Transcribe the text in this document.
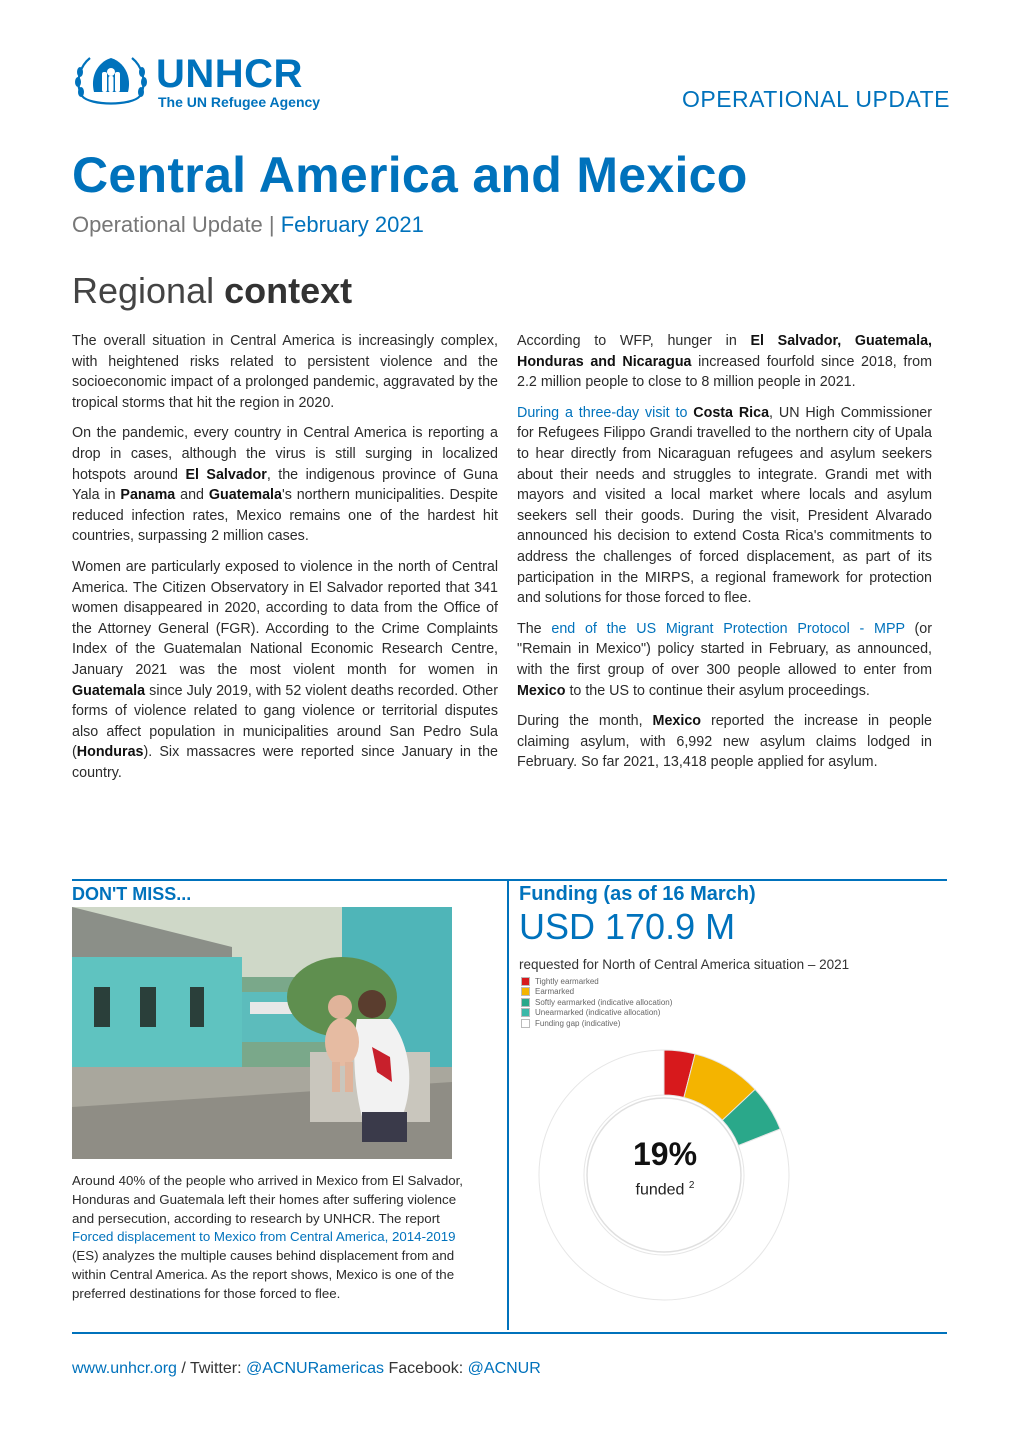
UNHCR
The UN Refugee Agency	OPERATIONAL UPDATE
Central America and Mexico
Operational Update | February 2021
Regional context

The overall situation in Central America is increasingly complex, with heightened risks related to persistent violence and the socioeconomic impact of a prolonged pandemic, aggravated by the tropical storms that hit the region in 2020.

On the pandemic, every country in Central America is reporting a drop in cases, although the virus is still surging in localized hotspots around El Salvador, the indigenous province of Guna Yala in Panama and Guatemala's northern municipalities. Despite reduced infection rates, Mexico remains one of the hardest hit countries, surpassing 2 million cases.

Women are particularly exposed to violence in the north of Central America. The Citizen Observatory in El Salvador reported that 341 women disappeared in 2020, according to data from the Office of the Attorney General (FGR). According to the Crime Complaints Index of the Guatemalan National Economic Research Centre, January 2021 was the most violent month for women in Guatemala since July 2019, with 52 violent deaths recorded. Other forms of violence related to gang violence or territorial disputes also affect population in municipalities around San Pedro Sula (Honduras). Six massacres were reported since January in the country.

According to WFP, hunger in El Salvador, Guatemala, Honduras and Nicaragua increased fourfold since 2018, from 2.2 million people to close to 8 million people in 2021.

During a three-day visit to Costa Rica, UN High Commissioner for Refugees Filippo Grandi travelled to the northern city of Upala to hear directly from Nicaraguan refugees and asylum seekers about their needs and struggles to integrate. Grandi met with mayors and visited a local market where locals and asylum seekers sell their goods. During the visit, President Alvarado announced his decision to extend Costa Rica's commitments to address the challenges of forced displacement, as part of its participation in the MIRPS, a regional framework for protection and solutions for those forced to flee.

The end of the US Migrant Protection Protocol - MPP (or "Remain in Mexico") policy started in February, as announced, with the first group of over 300 people allowed to enter from Mexico to the US to continue their asylum proceedings.

During the month, Mexico reported the increase in people claiming asylum, with 6,992 new asylum claims lodged in February. So far 2021, 13,418 people applied for asylum.

DON'T MISS...
Around 40% of the people who arrived in Mexico from El Salvador, Honduras and Guatemala left their homes after suffering violence and persecution, according to research by UNHCR. The report Forced displacement to Mexico from Central America, 2014-2019 (ES) analyzes the multiple causes behind displacement from and within Central America. As the report shows, Mexico is one of the preferred destinations for those forced to flee.
Funding (as of 16 March)
USD 170.9 M
requested for North of Central America situation – 2021
Tightly earmarked
Earmarked
Softly earmarked (indicative allocation)
Unearmarked (indicative allocation)
Funding gap (indicative)
19%
funded $^2$
www.unhcr.org / Twitter: @ACNURamericas Facebook: @ACNUR
